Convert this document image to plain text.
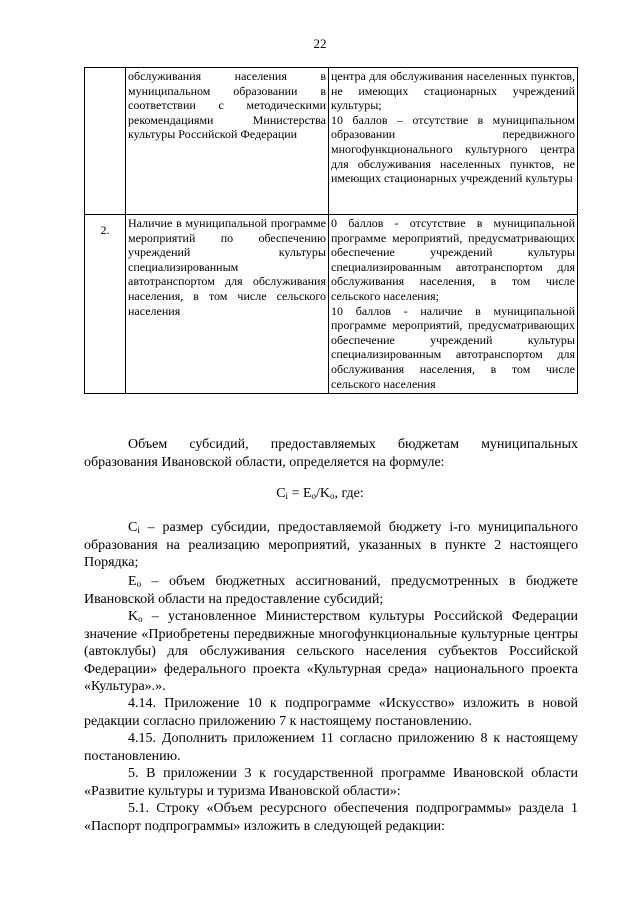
22
	обслуживания населения в муниципальном образовании в соответствии с методическими рекомендациями Министерства культуры Российской Федерации	центра для обслуживания населенных пунктов, не имеющих стационарных учреждений культуры;
10 баллов – отсутствие в муниципальном образовании передвижного многофункционального культурного центра для обслуживания населенных пунктов, не имеющих стационарных учреждений культуры

2.	Наличие в муниципальной программе мероприятий по обеспечению учреждений культуры специализированным автотранспортом для обслуживания населения, в том числе сельского населения	0 баллов - отсутствие в муниципальной программе мероприятий, предусматривающих обеспечение учреждений культуры специализированным автотранспортом для обслуживания населения, в том числе сельского населения;
10 баллов - наличие в муниципальной программе мероприятий, предусматривающих обеспечение учреждений культуры специализированным автотранспортом для обслуживания населения, в том числе сельского населения

Объем субсидий, предоставляемых бюджетам муниципальных образования Ивановской области, определяется на формуле:

$C_i = E_o/K_o$, где:

$C_i$ – размер субсидии, предоставляемой бюджету i-го муниципального образования на реализацию мероприятий, указанных в пункте 2 настоящего Порядка;

$E_o$ – объем бюджетных ассигнований, предусмотренных в бюджете Ивановской области на предоставление субсидий;

$K_o$ – установленное Министерством культуры Российской Федерации значение «Приобретены передвижные многофункциональные культурные центры (автоклубы) для обслуживания сельского населения субъектов Российской Федерации» федерального проекта «Культурная среда» национального проекта «Культура».».

4.14. Приложение 10 к подпрограмме «Искусство» изложить в новой редакции согласно приложению 7 к настоящему постановлению.

4.15. Дополнить приложением 11 согласно приложению 8 к настоящему постановлению.

5. В приложении 3 к государственной программе Ивановской области «Развитие культуры и туризма Ивановской области»:

5.1. Строку «Объем ресурсного обеспечения подпрограммы» раздела 1 «Паспорт подпрограммы» изложить в следующей редакции:
